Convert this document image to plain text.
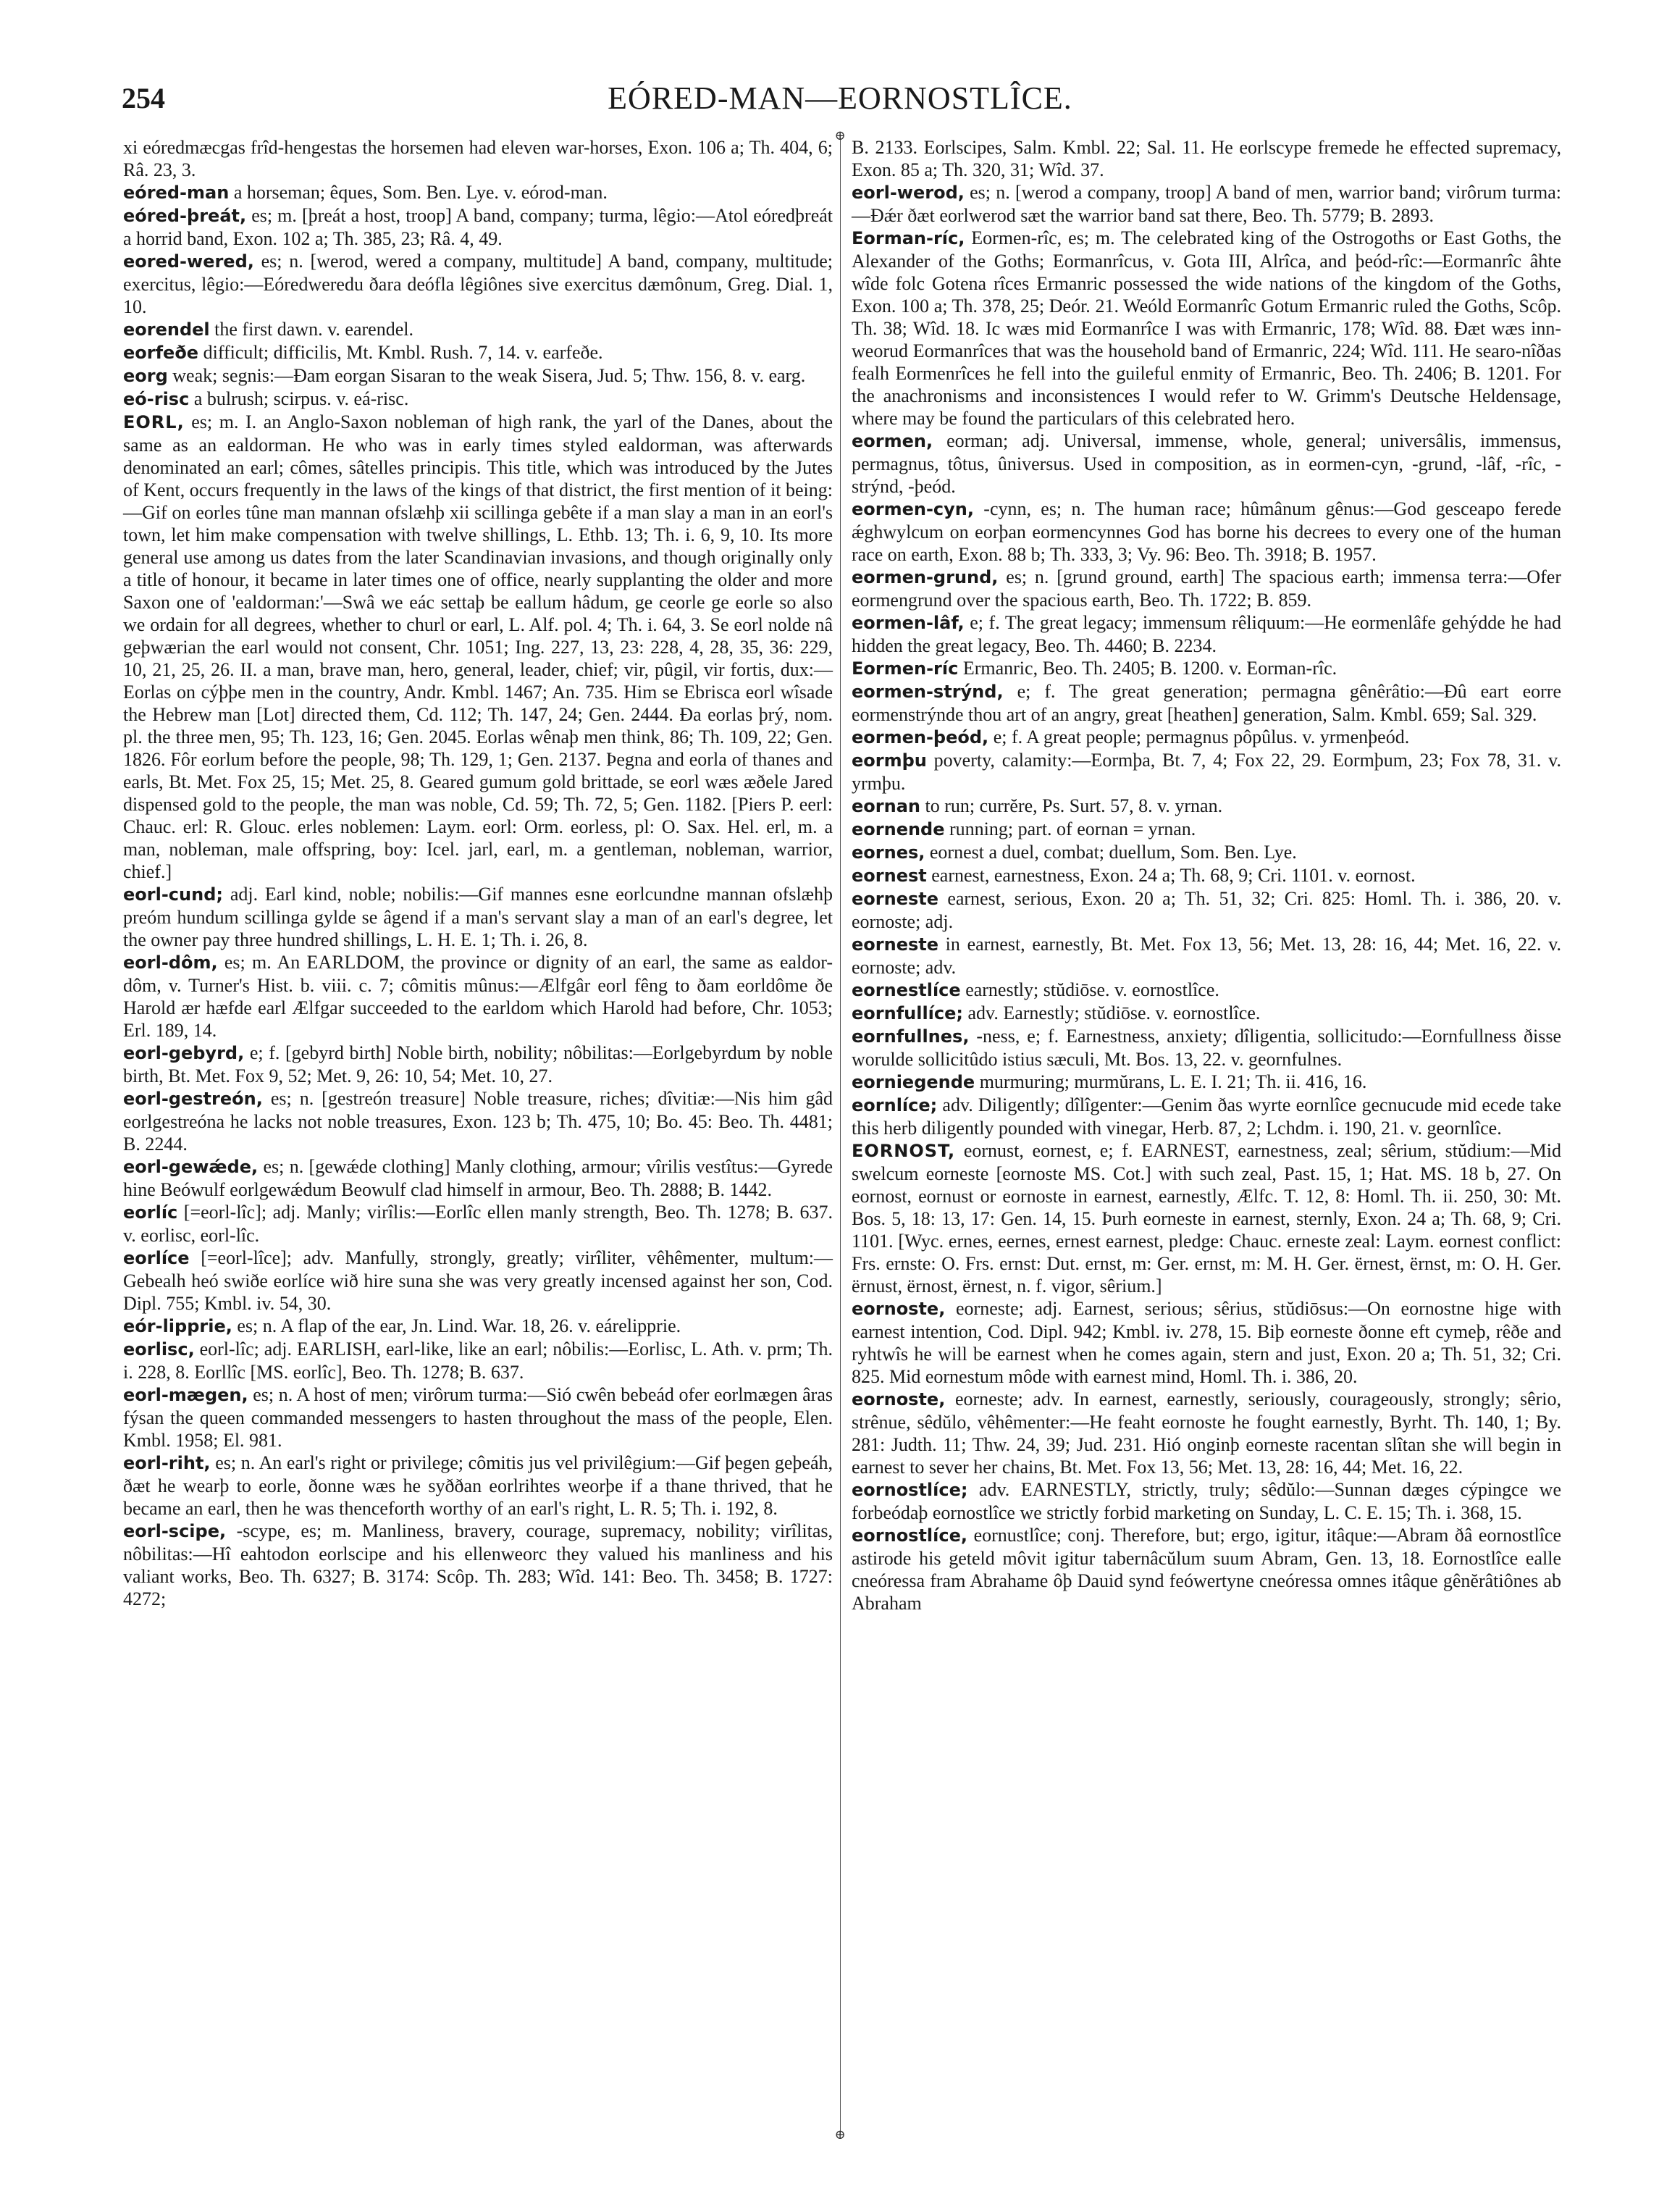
254	EÓRED-MAN—EORNOSTLÎCE.
⊕
⊕

xi eóredmæcgas frîd-hengestas the horsemen had eleven war-horses, Exon. 106 a; Th. 404, 6; Râ. 23, 3.

eóred-man a horseman; êques, Som. Ben. Lye. v. eórod-man.

eóred-þreát, es; m. [þreát a host, troop] A band, company; turma, lêgio:—Atol eóredþreát a horrid band, Exon. 102 a; Th. 385, 23; Râ. 4, 49.

eored-wered, es; n. [werod, wered a company, multitude] A band, company, multitude; exercitus, lêgio:—Eóredweredu ðara deófla lêgiônes sive exercitus dæmônum, Greg. Dial. 1, 10.

eorendel the first dawn. v. earendel.

eorfeðe difficult; difficilis, Mt. Kmbl. Rush. 7, 14. v. earfeðe.

eorg weak; segnis:—Ðam eorgan Sisaran to the weak Sisera, Jud. 5; Thw. 156, 8. v. earg.

eó-risc a bulrush; scirpus. v. eá-risc.

EORL, es; m. I. an Anglo-Saxon nobleman of high rank, the yarl of the Danes, about the same as an ealdorman. He who was in early times styled ealdorman, was afterwards denominated an earl; cômes, sâtelles principis. This title, which was introduced by the Jutes of Kent, occurs frequently in the laws of the kings of that district, the first mention of it being:—Gif on eorles tûne man mannan ofslæhþ xii scillinga gebête if a man slay a man in an eorl's town, let him make compensation with twelve shillings, L. Ethb. 13; Th. i. 6, 9, 10. Its more general use among us dates from the later Scandinavian invasions, and though originally only a title of honour, it became in later times one of office, nearly supplanting the older and more Saxon one of 'ealdorman:'—Swâ we eác settaþ be eallum hâdum, ge ceorle ge eorle so also we ordain for all degrees, whether to churl or earl, L. Alf. pol. 4; Th. i. 64, 3. Se eorl nolde nâ geþwærian the earl would not consent, Chr. 1051; Ing. 227, 13, 23: 228, 4, 28, 35, 36: 229, 10, 21, 25, 26. II. a man, brave man, hero, general, leader, chief; vir, pûgil, vir fortis, dux:—Eorlas on cýþþe men in the country, Andr. Kmbl. 1467; An. 735. Him se Ebrisca eorl wîsade the Hebrew man [Lot] directed them, Cd. 112; Th. 147, 24; Gen. 2444. Ða eorlas þrý, nom. pl. the three men, 95; Th. 123, 16; Gen. 2045. Eorlas wênaþ men think, 86; Th. 109, 22; Gen. 1826. Fôr eorlum before the people, 98; Th. 129, 1; Gen. 2137. Þegna and eorla of thanes and earls, Bt. Met. Fox 25, 15; Met. 25, 8. Geared gumum gold brittade, se eorl wæs æðele Jared dispensed gold to the people, the man was noble, Cd. 59; Th. 72, 5; Gen. 1182. [Piers P. eerl: Chauc. erl: R. Glouc. erles noblemen: Laym. eorl: Orm. eorless, pl: O. Sax. Hel. erl, m. a man, nobleman, male offspring, boy: Icel. jarl, earl, m. a gentleman, nobleman, warrior, chief.]

eorl-cund; adj. Earl kind, noble; nobilis:—Gif mannes esne eorlcundne mannan ofslæhþ preóm hundum scillinga gylde se âgend if a man's servant slay a man of an earl's degree, let the owner pay three hundred shillings, L. H. E. 1; Th. i. 26, 8.

eorl-dôm, es; m. An EARLDOM, the province or dignity of an earl, the same as ealdor-dôm, v. Turner's Hist. b. viii. c. 7; cômitis mûnus:—Ælfgâr eorl fêng to ðam eorldôme ðe Harold ær hæfde earl Ælfgar succeeded to the earldom which Harold had before, Chr. 1053; Erl. 189, 14.

eorl-gebyrd, e; f. [gebyrd birth] Noble birth, nobility; nôbilitas:—Eorlgebyrdum by noble birth, Bt. Met. Fox 9, 52; Met. 9, 26: 10, 54; Met. 10, 27.

eorl-gestreón, es; n. [gestreón treasure] Noble treasure, riches; dîvitiæ:—Nis him gâd eorlgestreóna he lacks not noble treasures, Exon. 123 b; Th. 475, 10; Bo. 45: Beo. Th. 4481; B. 2244.

eorl-gewǽde, es; n. [gewǽde clothing] Manly clothing, armour; vîrilis vestîtus:—Gyrede hine Beówulf eorlgewǽdum Beowulf clad himself in armour, Beo. Th. 2888; B. 1442.

eorlíc [=eorl-lîc]; adj. Manly; virîlis:—Eorlîc ellen manly strength, Beo. Th. 1278; B. 637. v. eorlisc, eorl-lîc.

eorlíce [=eorl-lîce]; adv. Manfully, strongly, greatly; virîliter, vêhêmenter, multum:—Gebealh heó swiðe eorlíce wið hire suna she was very greatly incensed against her son, Cod. Dipl. 755; Kmbl. iv. 54, 30.

eór-lipprie, es; n. A flap of the ear, Jn. Lind. War. 18, 26. v. eárelipprie.

eorlisc, eorl-lîc; adj. EARLISH, earl-like, like an earl; nôbilis:—Eorlisc, L. Ath. v. prm; Th. i. 228, 8. Eorllîc [MS. eorlîc], Beo. Th. 1278; B. 637.

eorl-mægen, es; n. A host of men; virôrum turma:—Sió cwên bebeád ofer eorlmægen âras fýsan the queen commanded messengers to hasten throughout the mass of the people, Elen. Kmbl. 1958; El. 981.

eorl-riht, es; n. An earl's right or privilege; cômitis jus vel privilêgium:—Gif þegen geþeáh, ðæt he wearþ to eorle, ðonne wæs he syððan eorlrihtes weorþe if a thane thrived, that he became an earl, then he was thenceforth worthy of an earl's right, L. R. 5; Th. i. 192, 8.

eorl-scipe, -scype, es; m. Manliness, bravery, courage, supremacy, nobility; virîlitas, nôbilitas:—Hî eahtodon eorlscipe and his ellenweorc they valued his manliness and his valiant works, Beo. Th. 6327; B. 3174: Scôp. Th. 283; Wîd. 141: Beo. Th. 3458; B. 1727: 4272;

B. 2133. Eorlscipes, Salm. Kmbl. 22; Sal. 11. He eorlscype fremede he effected supremacy, Exon. 85 a; Th. 320, 31; Wîd. 37.

eorl-werod, es; n. [werod a company, troop] A band of men, warrior band; virôrum turma:—Ðǽr ðæt eorlwerod sæt the warrior band sat there, Beo. Th. 5779; B. 2893.

Eorman-ríc, Eormen-rîc, es; m. The celebrated king of the Ostrogoths or East Goths, the Alexander of the Goths; Eormanrîcus, v. Gota III, Alrîca, and þeód-rîc:—Eormanrîc âhte wîde folc Gotena rîces Ermanric possessed the wide nations of the kingdom of the Goths, Exon. 100 a; Th. 378, 25; Deór. 21. Weóld Eormanrîc Gotum Ermanric ruled the Goths, Scôp. Th. 38; Wîd. 18. Ic wæs mid Eormanrîce I was with Ermanric, 178; Wîd. 88. Ðæt wæs inn-weorud Eormanrîces that was the household band of Ermanric, 224; Wîd. 111. He searo-nîðas fealh Eormenrîces he fell into the guileful enmity of Ermanric, Beo. Th. 2406; B. 1201. For the anachronisms and inconsistences I would refer to W. Grimm's Deutsche Heldensage, where may be found the particulars of this celebrated hero.

eormen, eorman; adj. Universal, immense, whole, general; universâlis, immensus, permagnus, tôtus, ûniversus. Used in composition, as in eormen-cyn, -grund, -lâf, -rîc, -strýnd, -þeód.

eormen-cyn, -cynn, es; n. The human race; hûmânum gênus:—God gesceapo ferede ǽghwylcum on eorþan eormencynnes God has borne his decrees to every one of the human race on earth, Exon. 88 b; Th. 333, 3; Vy. 96: Beo. Th. 3918; B. 1957.

eormen-grund, es; n. [grund ground, earth] The spacious earth; immensa terra:—Ofer eormengrund over the spacious earth, Beo. Th. 1722; B. 859.

eormen-lâf, e; f. The great legacy; immensum rêliquum:—He eormenlâfe gehýdde he had hidden the great legacy, Beo. Th. 4460; B. 2234.

Eormen-ríc Ermanric, Beo. Th. 2405; B. 1200. v. Eorman-rîc.

eormen-strýnd, e; f. The great generation; permagna gênêrâtio:—Ðû eart eorre eormenstrýnde thou art of an angry, great [heathen] generation, Salm. Kmbl. 659; Sal. 329.

eormen-þeód, e; f. A great people; permagnus pôpûlus. v. yrmenþeód.

eormþu poverty, calamity:—Eormþa, Bt. 7, 4; Fox 22, 29. Eormþum, 23; Fox 78, 31. v. yrmþu.

eornan to run; currĕre, Ps. Surt. 57, 8. v. yrnan.

eornende running; part. of eornan = yrnan.

eornes, eornest a duel, combat; duellum, Som. Ben. Lye.

eornest earnest, earnestness, Exon. 24 a; Th. 68, 9; Cri. 1101. v. eornost.

eorneste earnest, serious, Exon. 20 a; Th. 51, 32; Cri. 825: Homl. Th. i. 386, 20. v. eornoste; adj.

eorneste in earnest, earnestly, Bt. Met. Fox 13, 56; Met. 13, 28: 16, 44; Met. 16, 22. v. eornoste; adv.

eornestlíce earnestly; stŭdiōse. v. eornostlîce.

eornfullíce; adv. Earnestly; stŭdiōse. v. eornostlîce.

eornfullnes, -ness, e; f. Earnestness, anxiety; dîligentia, sollicitudo:—Eornfullness ðisse worulde sollicitûdo istius sæculi, Mt. Bos. 13, 22. v. geornfulnes.

eorniegende murmuring; murmŭrans, L. E. I. 21; Th. ii. 416, 16.

eornlíce; adv. Diligently; dîlîgenter:—Genim ðas wyrte eornlîce gecnucude mid ecede take this herb diligently pounded with vinegar, Herb. 87, 2; Lchdm. i. 190, 21. v. geornlîce.

EORNOST, eornust, eornest, e; f. EARNEST, earnestness, zeal; sêrium, stŭdium:—Mid swelcum eorneste [eornoste MS. Cot.] with such zeal, Past. 15, 1; Hat. MS. 18 b, 27. On eornost, eornust or eornoste in earnest, earnestly, Ælfc. T. 12, 8: Homl. Th. ii. 250, 30: Mt. Bos. 5, 18: 13, 17: Gen. 14, 15. Þurh eorneste in earnest, sternly, Exon. 24 a; Th. 68, 9; Cri. 1101. [Wyc. ernes, eernes, ernest earnest, pledge: Chauc. erneste zeal: Laym. eornest conflict: Frs. ernste: O. Frs. ernst: Dut. ernst, m: Ger. ernst, m: M. H. Ger. ërnest, ërnst, m: O. H. Ger. ërnust, ërnost, ërnest, n. f. vigor, sêrium.]

eornoste, eorneste; adj. Earnest, serious; sêrius, stŭdiōsus:—On eornostne hige with earnest intention, Cod. Dipl. 942; Kmbl. iv. 278, 15. Biþ eorneste ðonne eft cymeþ, rêðe and ryhtwîs he will be earnest when he comes again, stern and just, Exon. 20 a; Th. 51, 32; Cri. 825. Mid eornestum môde with earnest mind, Homl. Th. i. 386, 20.

eornoste, eorneste; adv. In earnest, earnestly, seriously, courageously, strongly; sêrio, strênue, sêdŭlo, vêhêmenter:—He feaht eornoste he fought earnestly, Byrht. Th. 140, 1; By. 281: Judth. 11; Thw. 24, 39; Jud. 231. Hió onginþ eorneste racentan slîtan she will begin in earnest to sever her chains, Bt. Met. Fox 13, 56; Met. 13, 28: 16, 44; Met. 16, 22.

eornostlíce; adv. EARNESTLY, strictly, truly; sêdŭlo:—Sunnan dæges cýpingce we forbeódaþ eornostlîce we strictly forbid marketing on Sunday, L. C. E. 15; Th. i. 368, 15.

eornostlíce, eornustlîce; conj. Therefore, but; ergo, igitur, itâque:—Abram ðâ eornostlîce astirode his geteld môvit igitur tabernâcŭlum suum Abram, Gen. 13, 18. Eornostlîce ealle cneóressa fram Abrahame ôþ Dauid synd feówertyne cneóressa omnes itâque gênĕrâtiônes ab Abraham
